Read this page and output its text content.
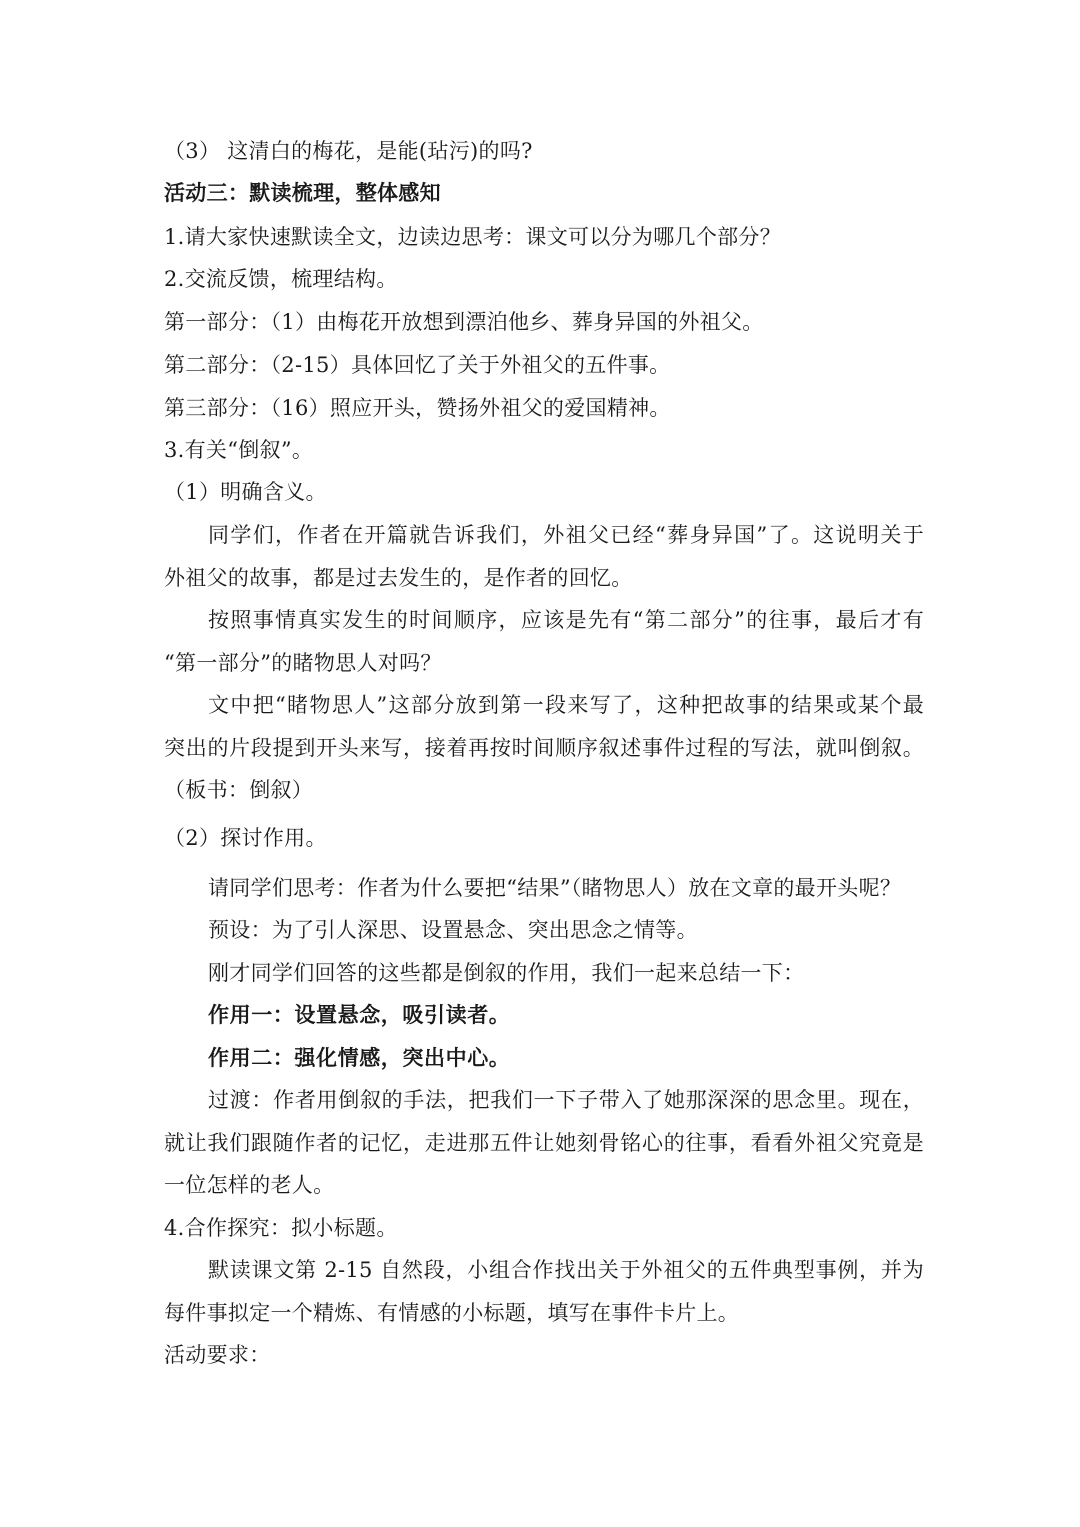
（3） 这清白的梅花，是能(玷污)的吗?
活动三：默读梳理，整体感知
1.请大家快速默读全文，边读边思考：课文可以分为哪几个部分？
2.交流反馈，梳理结构。
第一部分：（1）由梅花开放想到漂泊他乡、葬身异国的外祖父。
第二部分：（2-15）具体回忆了关于外祖父的五件事。
第三部分：（16）照应开头，赞扬外祖父的爱国精神。
3.有关“倒叙”。
（1）明确含义。
同学们，作者在开篇就告诉我们，外祖父已经“葬身异国”了。这说明关于
外祖父的故事，都是过去发生的，是作者的回忆。
按照事情真实发生的时间顺序，应该是先有“第二部分”的往事，最后才有
“第一部分”的睹物思人对吗？
文中把“睹物思人”这部分放到第一段来写了，这种把故事的结果或某个最
突出的片段提到开头来写，接着再按时间顺序叙述事件过程的写法，就叫倒叙。
（板书：倒叙）
（2）探讨作用。
请同学们思考：作者为什么要把“结果”（睹物思人）放在文章的最开头呢？
预设：为了引人深思、设置悬念、突出思念之情等。
刚才同学们回答的这些都是倒叙的作用，我们一起来总结一下：
作用一：设置悬念，吸引读者。
作用二：强化情感，突出中心。
过渡：作者用倒叙的手法，把我们一下子带入了她那深深的思念里。现在，
就让我们跟随作者的记忆，走进那五件让她刻骨铭心的往事，看看外祖父究竟是
一位怎样的老人。
4.合作探究：拟小标题。
默读课文第 2-15 自然段，小组合作找出关于外祖父的五件典型事例，并为
每件事拟定一个精炼、有情感的小标题，填写在事件卡片上。
活动要求：
